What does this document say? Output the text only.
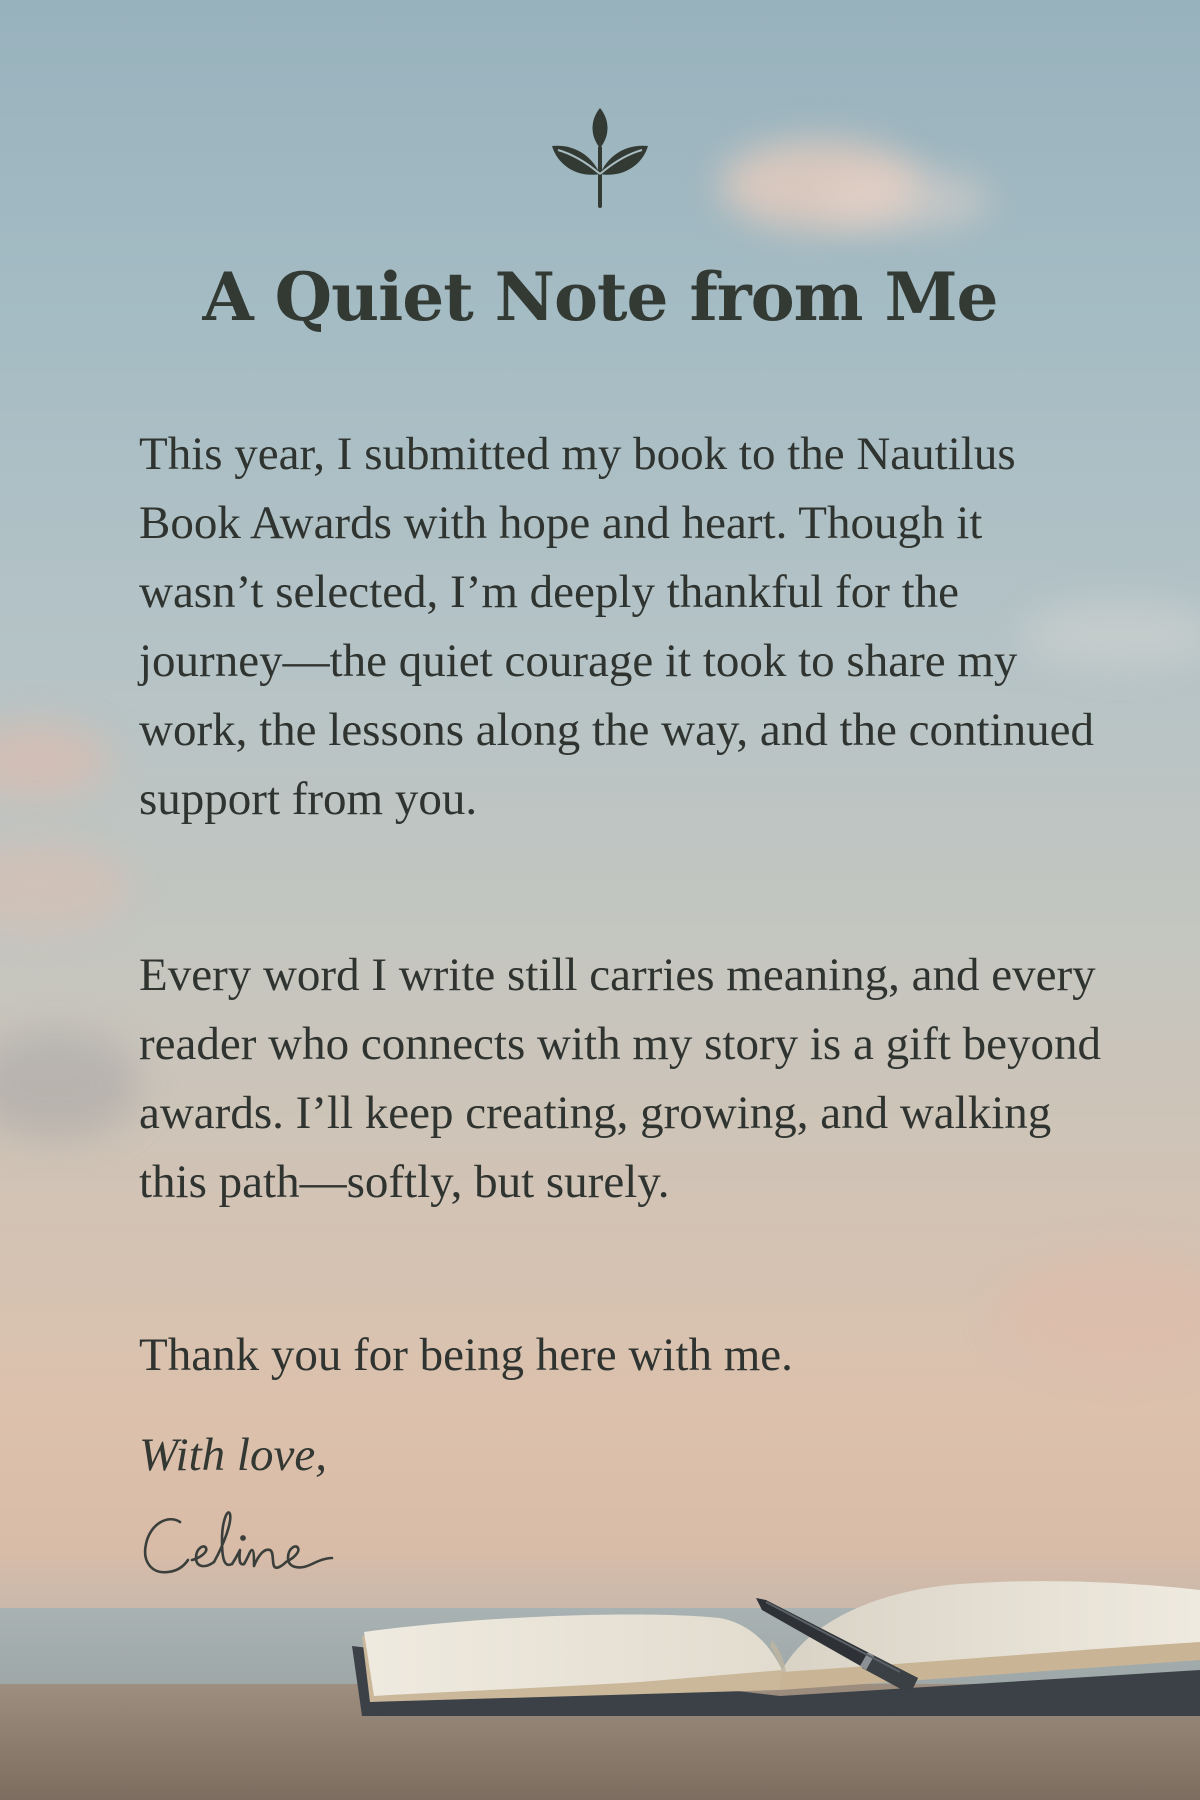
A Quiet Note from Me

This year, I submitted my book to the Nautilus Book Awards with hope and heart. Though it wasn’t selected, I’m deeply thankful for the journey—the quiet courage it took to share my work, the lessons along the way, and the continued support from you.

Every word I write still carries meaning, and every reader who connects with my story is a gift beyond awards. I’ll keep creating, growing, and walking this path—softly, but surely.

Thank you for being here with me.

With love,
